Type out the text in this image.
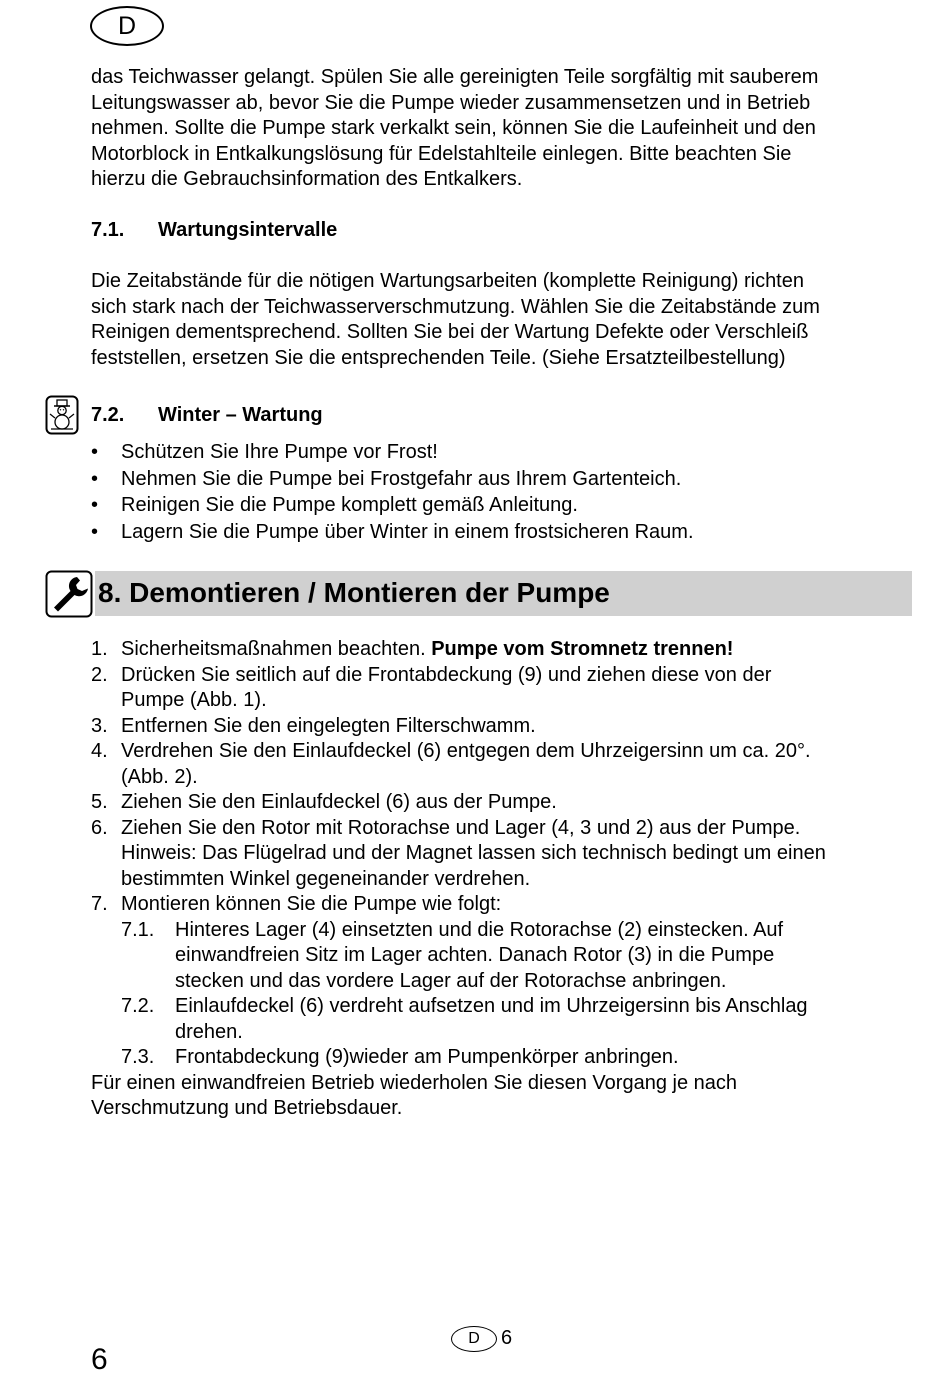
D

das Teichwasser gelangt. Spülen Sie alle gereinigten Teile sorgfältig mit sauberem

Leitungswasser ab, bevor Sie die Pumpe wieder zusammensetzen und in Betrieb

nehmen. Sollte die Pumpe stark verkalkt sein, können Sie die Laufeinheit und den

Motorblock in Entkalkungslösung für Edelstahlteile einlegen. Bitte beachten Sie

hierzu die Gebrauchsinformation des Entkalkers.

7.1.	Wartungsintervalle

Die Zeitabstände für die nötigen Wartungsarbeiten (komplette Reinigung) richten

sich stark nach der Teichwasserverschmutzung. Wählen Sie die Zeitabstände zum

Reinigen dementsprechend. Sollten Sie bei der Wartung Defekte oder Verschleiß

feststellen, ersetzen Sie die entsprechenden Teile. (Siehe Ersatzteilbestellung)

7.2.	Winter – Wartung
•	Schützen Sie Ihre Pumpe vor Frost!
•	Nehmen Sie die Pumpe bei Frostgefahr aus Ihrem Gartenteich.
•	Reinigen Sie die Pumpe komplett gemäß Anleitung.
•	Lagern Sie die Pumpe über Winter in einem frostsicheren Raum.
8. Demontieren / Montieren der Pumpe
1. Sicherheitsmaßnahmen beachten. Pumpe vom Stromnetz trennen!
2. Drücken Sie seitlich auf die Frontabdeckung (9) und ziehen diese von der
Pumpe (Abb. 1).
3. Entfernen Sie den eingelegten Filterschwamm.
4. Verdrehen Sie den Einlaufdeckel (6) entgegen dem Uhrzeigersinn um ca. 20°.
(Abb. 2).
5. Ziehen Sie den Einlaufdeckel (6) aus der Pumpe.
6. Ziehen Sie den Rotor mit Rotorachse und Lager (4, 3 und 2) aus der Pumpe.
Hinweis: Das Flügelrad und der Magnet lassen sich technisch bedingt um einen
bestimmten Winkel gegeneinander verdrehen.
7. Montieren können Sie die Pumpe wie folgt:
7.1.	Hinteres Lager (4) einsetzten und die Rotorachse (2) einstecken. Auf
einwandfreien Sitz im Lager achten. Danach Rotor (3) in die Pumpe
stecken und das vordere Lager auf der Rotorachse anbringen.
7.2.	Einlaufdeckel (6) verdreht aufsetzen und im Uhrzeigersinn bis Anschlag
drehen.
7.3.	Frontabdeckung (9)wieder am Pumpenkörper anbringen.
Für einen einwandfreien Betrieb wiederholen Sie diesen Vorgang je nach
Verschmutzung und Betriebsdauer.
D 6
6
